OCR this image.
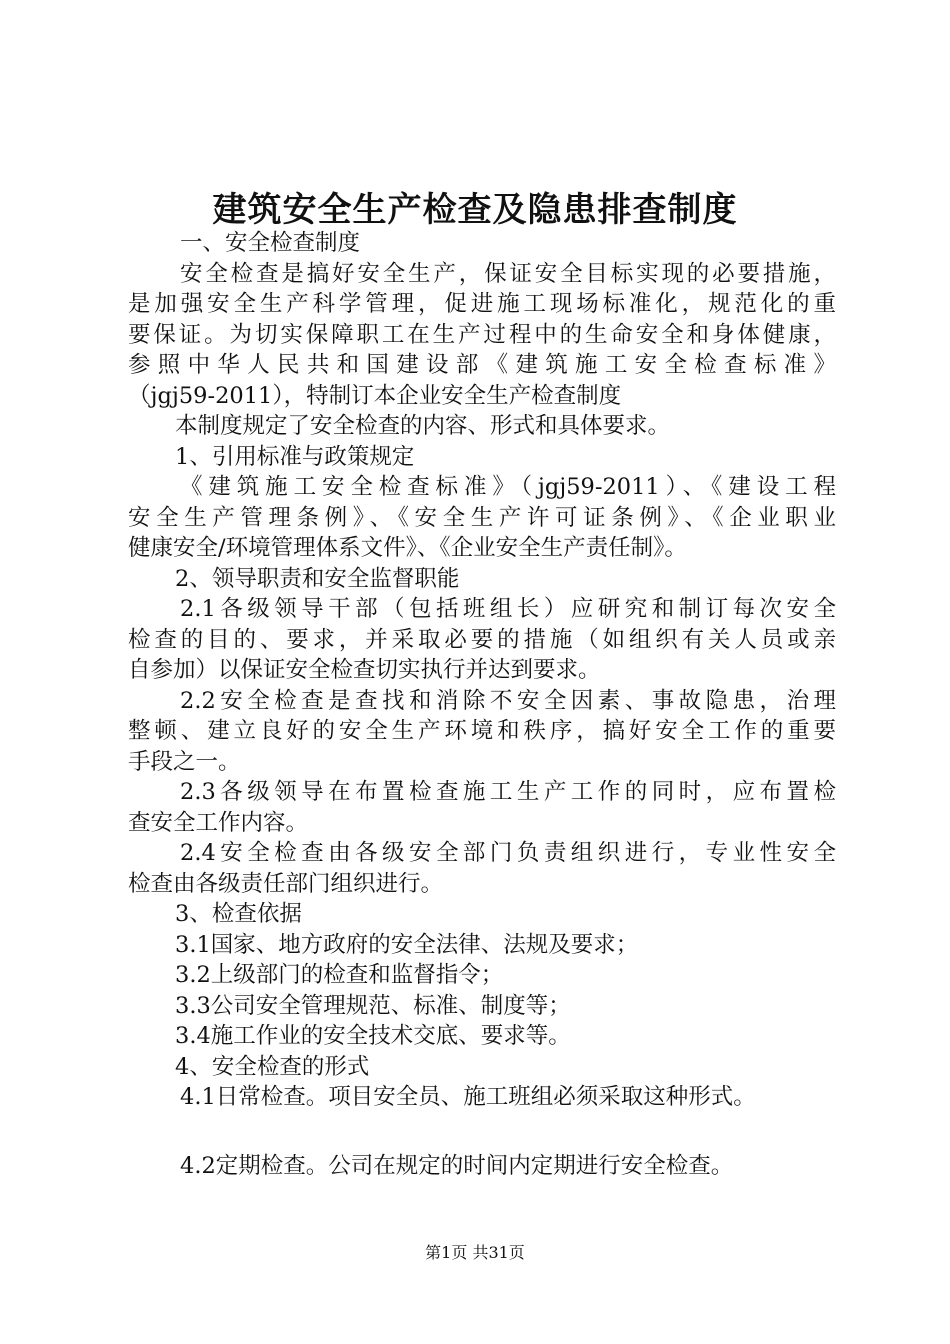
建筑安全生产检查及隐患排查制度
一、安全检查制度
安全检查是搞好安全生产，保证安全目标实现的必要措施，
是加强安全生产科学管理，促进施工现场标准化，规范化的重
要保证。为切实保障职工在生产过程中的生命安全和身体健康，
参照中华人民共和国建设部《建筑施工安全检查标准》
（jgj59-2011），特制订本企业安全生产检查制度
本制度规定了安全检查的内容、形式和具体要求。
1、引用标准与政策规定
《建筑施工安全检查标准》（jgj59-2011）、《建设工程
安全生产管理条例》、《安全生产许可证条例》、《企业职业
健康安全/环境管理体系文件》、《企业安全生产责任制》。
2、领导职责和安全监督职能
2.1各级领导干部（包括班组长）应研究和制订每次安全
检查的目的、要求，并采取必要的措施（如组织有关人员或亲
自参加）以保证安全检查切实执行并达到要求。
2.2安全检查是查找和消除不安全因素、事故隐患，治理
整顿、建立良好的安全生产环境和秩序，搞好安全工作的重要
手段之一。
2.3各级领导在布置检查施工生产工作的同时，应布置检
查安全工作内容。
2.4安全检查由各级安全部门负责组织进行，专业性安全
检查由各级责任部门组织进行。
3、检查依据
3.1国家、地方政府的安全法律、法规及要求；
3.2上级部门的检查和监督指令；
3.3公司安全管理规范、标准、制度等；
3.4施工作业的安全技术交底、要求等。
4、安全检查的形式
4.1日常检查。项目安全员、施工班组必须采取这种形式。
4.2定期检查。公司在规定的时间内定期进行安全检查。
第1页 共31页
